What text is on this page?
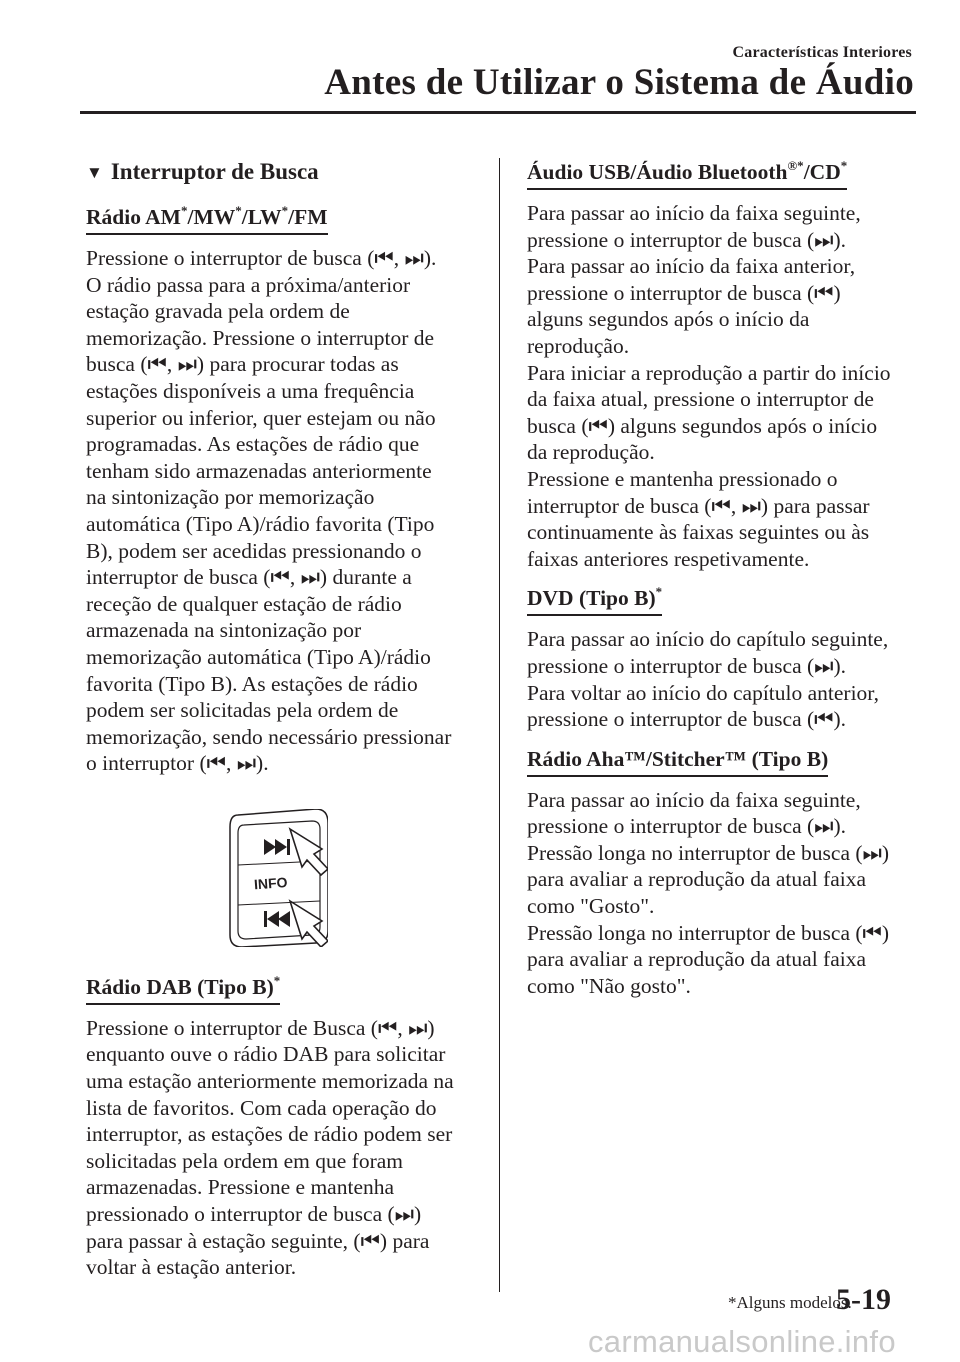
Características Interiores
Antes de Utilizar o Sistema de Áudio
▼ Interruptor de Busca
Rádio AM*/MW*/LW*/FM

Pressione o interruptor de busca (⏮, ⏭).
O rádio passa para a próxima/anterior
estação gravada pela ordem de
memorização. Pressione o interruptor de
busca (⏮, ⏭) para procurar todas as
estações disponíveis a uma frequência
superior ou inferior, quer estejam ou não
programadas. As estações de rádio que
tenham sido armazenadas anteriormente
na sintonização por memorização
automática (Tipo A)/rádio favorita (Tipo
B), podem ser acedidas pressionando o
interruptor de busca (⏮, ⏭) durante a
receção de qualquer estação de rádio
armazenada na sintonização por
memorização automática (Tipo A)/rádio
favorita (Tipo B). As estações de rádio
podem ser solicitadas pela ordem de
memorização, sendo necessário pressionar
o interruptor (⏮, ⏭).

INFO
Rádio DAB (Tipo B)*

Pressione o interruptor de Busca (⏮, ⏭)
enquanto ouve o rádio DAB para solicitar
uma estação anteriormente memorizada na
lista de favoritos. Com cada operação do
interruptor, as estações de rádio podem ser
solicitadas pela ordem em que foram
armazenadas. Pressione e mantenha
pressionado o interruptor de busca (⏭)
para passar à estação seguinte, (⏮) para
voltar à estação anterior.

Áudio USB/Áudio Bluetooth®*/CD*

Para passar ao início da faixa seguinte,
pressione o interruptor de busca (⏭).
Para passar ao início da faixa anterior,
pressione o interruptor de busca (⏮)
alguns segundos após o início da
reprodução.
Para iniciar a reprodução a partir do início
da faixa atual, pressione o interruptor de
busca (⏮) alguns segundos após o início
da reprodução.
Pressione e mantenha pressionado o
interruptor de busca (⏮, ⏭) para passar
continuamente às faixas seguintes ou às
faixas anteriores respetivamente.

DVD (Tipo B)*

Para passar ao início do capítulo seguinte,
pressione o interruptor de busca (⏭).
Para voltar ao início do capítulo anterior,
pressione o interruptor de busca (⏮).

Rádio Aha™/Stitcher™ (Tipo B)

Para passar ao início da faixa seguinte,
pressione o interruptor de busca (⏭).
Pressão longa no interruptor de busca (⏭)
para avaliar a reprodução da atual faixa
como "Gosto".
Pressão longa no interruptor de busca (⏮)
para avaliar a reprodução da atual faixa
como "Não gosto".

*Alguns modelos.
5-19
carmanualsonline.info
